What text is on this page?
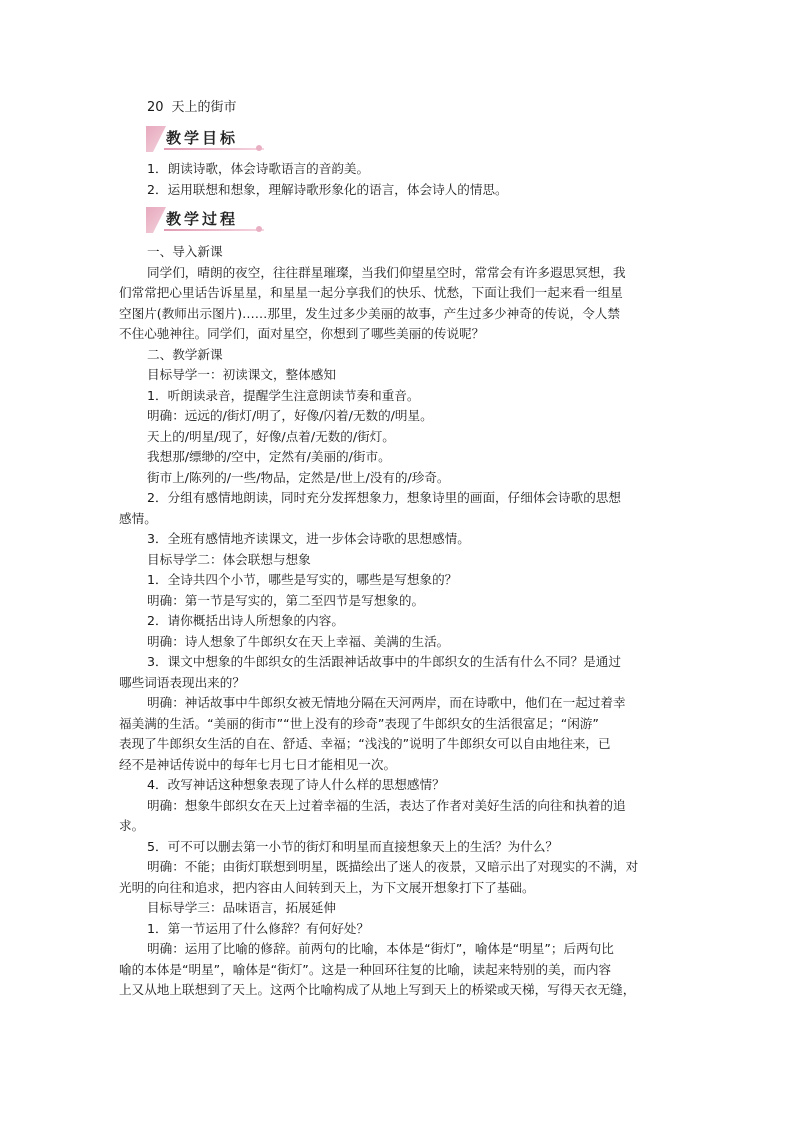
20 天上的街市
教学目标
1．朗读诗歌，体会诗歌语言的音韵美。
2．运用联想和想象，理解诗歌形象化的语言，体会诗人的情思。
教学过程
一、导入新课
同学们，晴朗的夜空，往往群星璀璨，当我们仰望星空时，常常会有许多遐思冥想，我
们常常把心里话告诉星星，和星星一起分享我们的快乐、忧愁，下面让我们一起来看一组星
空图片(教师出示图片)……那里，发生过多少美丽的故事，产生过多少神奇的传说，令人禁
不住心驰神往。同学们，面对星空，你想到了哪些美丽的传说呢？
二、教学新课
目标导学一：初读课文，整体感知
1．听朗读录音，提醒学生注意朗读节奏和重音。
明确：远远的/街灯/明了，好像/闪着/无数的/明星。
天上的/明星/现了，好像/点着/无数的/街灯。
我想那/缥缈的/空中，定然有/美丽的/街市。
街市上/陈列的/一些/物品，定然是/世上/没有的/珍奇。
2．分组有感情地朗读，同时充分发挥想象力，想象诗里的画面，仔细体会诗歌的思想
感情。
3．全班有感情地齐读课文，进一步体会诗歌的思想感情。
目标导学二：体会联想与想象
1．全诗共四个小节，哪些是写实的，哪些是写想象的？
明确：第一节是写实的，第二至四节是写想象的。
2．请你概括出诗人所想象的内容。
明确：诗人想象了牛郎织女在天上幸福、美满的生活。
3．课文中想象的牛郎织女的生活跟神话故事中的牛郎织女的生活有什么不同？是通过
哪些词语表现出来的？
明确：神话故事中牛郎织女被无情地分隔在天河两岸，而在诗歌中，他们在一起过着幸
福美满的生活。“美丽的街市”“世上没有的珍奇”表现了牛郎织女的生活很富足；“闲游”
表现了牛郎织女生活的自在、舒适、幸福；“浅浅的”说明了牛郎织女可以自由地往来，已
经不是神话传说中的每年七月七日才能相见一次。
4．改写神话这种想象表现了诗人什么样的思想感情？
明确：想象牛郎织女在天上过着幸福的生活，表达了作者对美好生活的向往和执着的追
求。
5．可不可以删去第一小节的街灯和明星而直接想象天上的生活？为什么？
明确：不能；由街灯联想到明星，既描绘出了迷人的夜景，又暗示出了对现实的不满，对
光明的向往和追求，把内容由人间转到天上，为下文展开想象打下了基础。
目标导学三：品味语言，拓展延伸
1．第一节运用了什么修辞？有何好处？
明确：运用了比喻的修辞。前两句的比喻，本体是“街灯”，喻体是“明星”；后两句比
喻的本体是“明星”，喻体是“街灯”。这是一种回环往复的比喻，读起来特别的美，而内容
上又从地上联想到了天上。这两个比喻构成了从地上写到天上的桥梁或天梯，写得天衣无缝，
